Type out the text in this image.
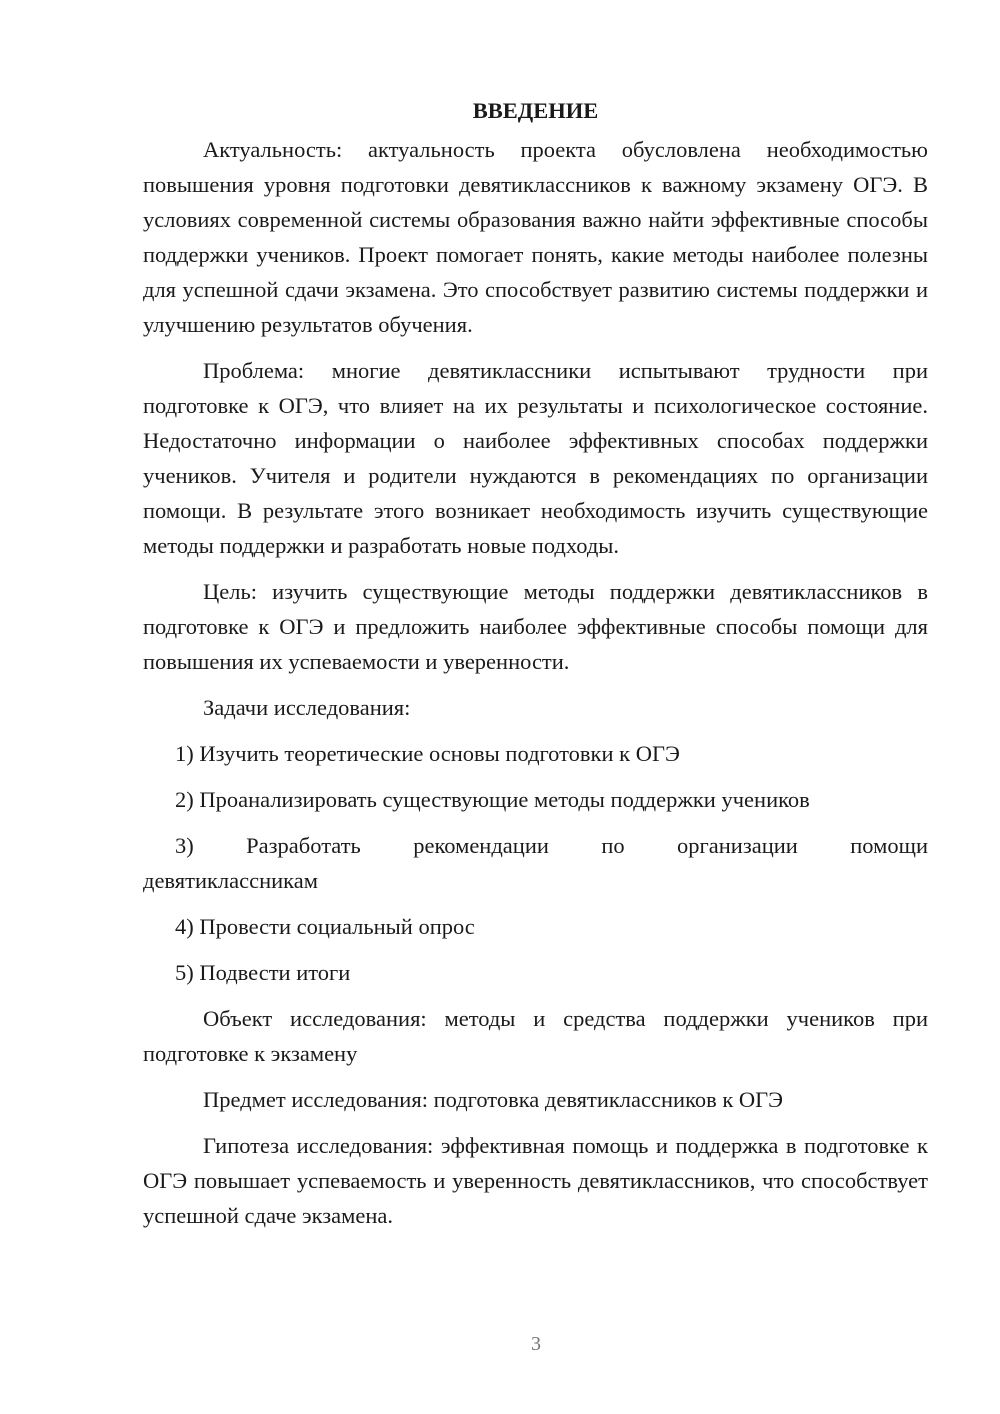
ВВЕДЕНИЕ

Актуальность: актуальность проекта обусловлена необходимостью повышения уровня подготовки девятиклассников к важному экзамену ОГЭ. В условиях современной системы образования важно найти эффективные способы поддержки учеников. Проект помогает понять, какие методы наиболее полезны для успешной сдачи экзамена. Это способствует развитию системы поддержки и улучшению результатов обучения.

Проблема: многие девятиклассники испытывают трудности при подготовке к ОГЭ, что влияет на их результаты и психологическое состояние. Недостаточно информации о наиболее эффективных способах поддержки учеников. Учителя и родители нуждаются в рекомендациях по организации помощи. В результате этого возникает необходимость изучить существующие методы поддержки и разработать новые подходы.

Цель: изучить существующие методы поддержки девятиклассников в подготовке к ОГЭ и предложить наиболее эффективные способы помощи для повышения их успеваемости и уверенности.

Задачи исследования:

1) Изучить теоретические основы подготовки к ОГЭ

2) Проанализировать существующие методы поддержки учеников

3) Разработать рекомендации по организации помощи девятиклассникам

4) Провести социальный опрос

5) Подвести итоги

Объект исследования: методы и средства поддержки учеников при подготовке к экзамену

Предмет исследования: подготовка девятиклассников к ОГЭ

Гипотеза исследования: эффективная помощь и поддержка в подготовке к ОГЭ повышает успеваемость и уверенность девятиклассников, что способствует успешной сдаче экзамена.

3
